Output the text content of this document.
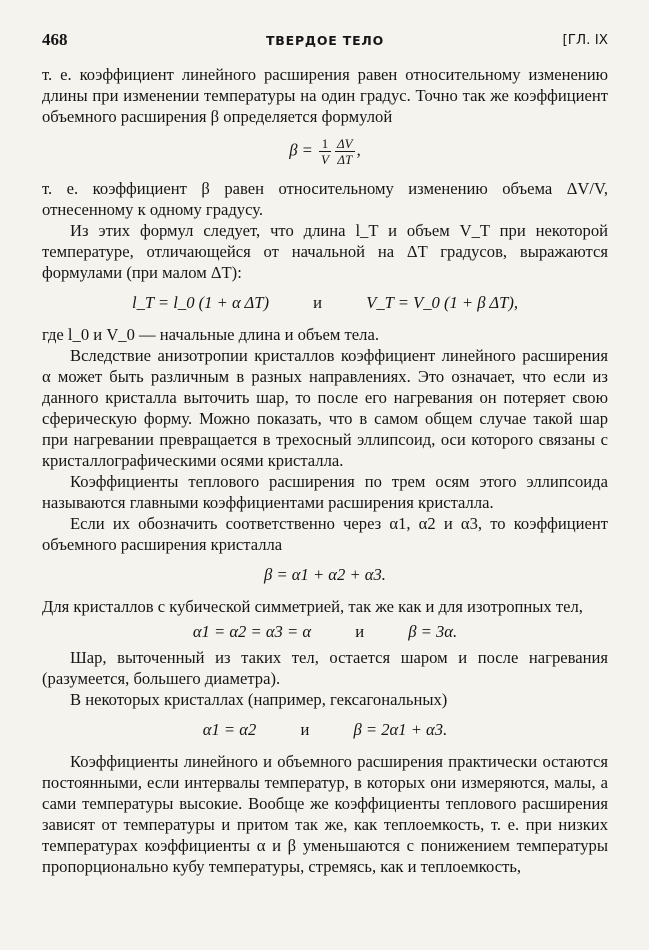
468	ТВЕРДОЕ ТЕЛО	[ГЛ. IX

т. е. коэффициент линейного расширения равен относительному изменению длины при изменении температуры на один градус. Точно так же коэффициент объемного расширения β определяется формулой

$\beta = \frac{1}{V} \frac{\Delta V}{\Delta T}$ ,

т. е. коэффициент β равен относительному изменению объема ΔV/V, отнесенному к одному градусу.

Из этих формул следует, что длина l_T и объем V_T при некоторой температуре, отличающейся от начальной на ΔT градусов, выражаются формулами (при малом ΔT):

l_T = l_0 (1 + α ΔT)	и	V_T = V_0 (1 + β ΔT),

где l_0 и V_0 — начальные длина и объем тела.

Вследствие анизотропии кристаллов коэффициент линейного расширения α может быть различным в разных направлениях. Это означает, что если из данного кристалла выточить шар, то после его нагревания он потеряет свою сферическую форму. Можно показать, что в самом общем случае такой шар при нагревании превращается в трехосный эллипсоид, оси которого связаны с кристаллографическими осями кристалла.

Коэффициенты теплового расширения по трем осям этого эллипсоида называются главными коэффициентами расширения кристалла.

Если их обозначить соответственно через α1, α2 и α3, то коэффициент объемного расширения кристалла

β = α1 + α2 + α3.

Для кристаллов с кубической симметрией, так же как и для изотропных тел,

α1 = α2 = α3 = α	и	β = 3α.

Шар, выточенный из таких тел, остается шаром и после нагревания (разумеется, большего диаметра).

В некоторых кристаллах (например, гексагональных)

α1 = α2	и	β = 2α1 + α3.

Коэффициенты линейного и объемного расширения практически остаются постоянными, если интервалы температур, в которых они измеряются, малы, а сами температуры высокие. Вообще же коэффициенты теплового расширения зависят от температуры и притом так же, как теплоемкость, т. е. при низких температурах коэффициенты α и β уменьшаются с понижением температуры пропорционально кубу температуры, стремясь, как и теплоемкость,
